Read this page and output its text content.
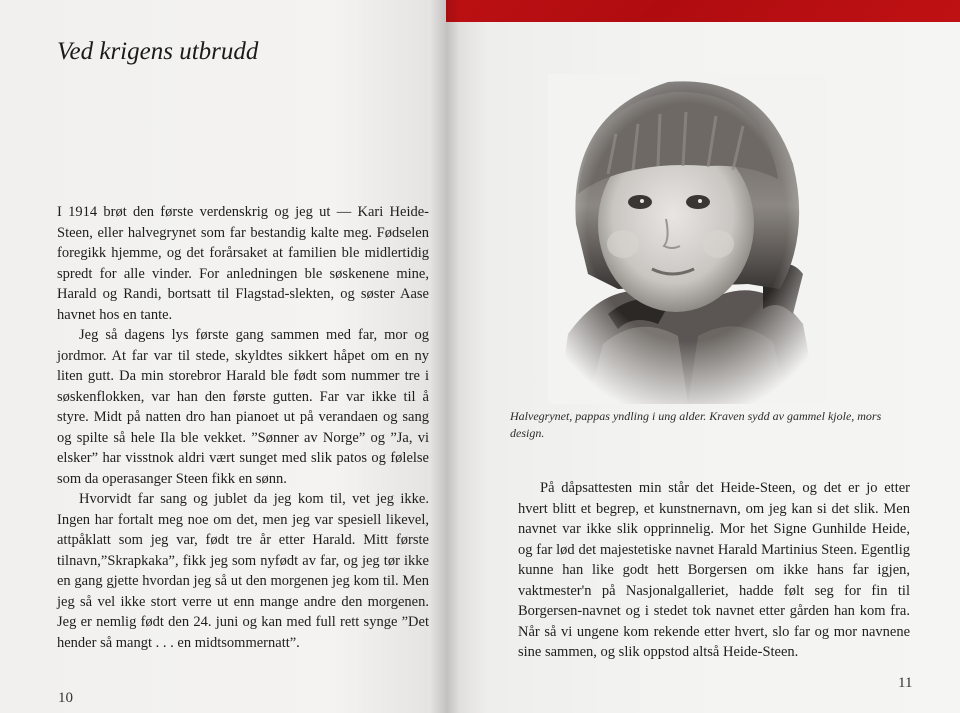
Ved krigens utbrudd

I 1914 brøt den første verdenskrig og jeg ut — Kari Heide-Steen, eller halvegrynet som far bestandig kalte meg. Fødselen foregikk hjemme, og det forårsaket at familien ble midlertidig spredt for alle vinder. For anledningen ble søskenene mine, Harald og Randi, bortsatt til Flagstad-slekten, og søster Aase havnet hos en tante.

Jeg så dagens lys første gang sammen med far, mor og jordmor. At far var til stede, skyldtes sikkert håpet om en ny liten gutt. Da min storebror Harald ble født som nummer tre i søskenflokken, var han den første gutten. Far var ikke til å styre. Midt på natten dro han pianoet ut på verandaen og sang og spilte så hele Ila ble vekket. ”Sønner av Norge” og ”Ja, vi elsker” har visstnok aldri vært sunget med slik patos og følelse som da operasanger Steen fikk en sønn.

Hvorvidt far sang og jublet da jeg kom til, vet jeg ikke. Ingen har fortalt meg noe om det, men jeg var spesiell likevel, attpåklatt som jeg var, født tre år etter Harald. Mitt første tilnavn,”Skrapkaka”, fikk jeg som nyfødt av far, og jeg tør ikke en gang gjette hvordan jeg så ut den morgenen jeg kom til. Men jeg så vel ikke stort verre ut enn mange andre den morgenen. Jeg er nemlig født den 24. juni og kan med full rett synge ”Det hender så mangt . . . en midtsommernatt”.

10
Halvegrynet, pappas yndling i ung alder. Kraven sydd av gammel kjole, mors design.

På dåpsattesten min står det Heide-Steen, og det er jo etter hvert blitt et begrep, et kunstnernavn, om jeg kan si det slik. Men navnet var ikke slik opprinnelig. Mor het Signe Gunhilde Heide, og far lød det majestetiske navnet Harald Martinius Steen. Egentlig kunne han like godt hett Borgersen om ikke hans far igjen, vaktmester'n på Nasjonalgalleriet, hadde følt seg for fin til Borgersen-navnet og i stedet tok navnet etter gården han kom fra. Når så vi ungene kom rekende etter hvert, slo far og mor navnene sine sammen, og slik oppstod altså Heide-Steen.

11
